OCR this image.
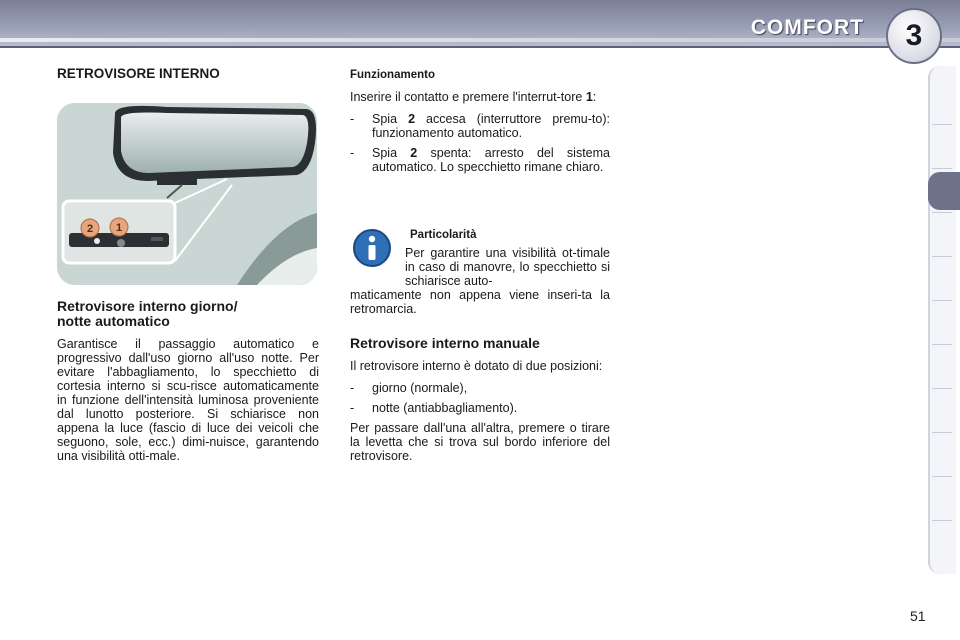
COMFORT	3
RETROVISORE INTERNO
2 1
Retrovisore interno giorno/
notte automatico

Garantisce il passaggio automatico e progressivo dall'uso giorno all'uso notte. Per evitare l'abbagliamento, lo specchietto di cortesia interno si scu-risce automaticamente in funzione dell'intensità luminosa proveniente dal lunotto posteriore. Si schiarisce non appena la luce (fascio di luce dei veicoli che seguono, sole, ecc.) dimi-nuisce, garantendo una visibilità otti-male.

Funzionamento

Inserire il contatto e premere l'interrut-tore 1:

-	Spia 2 accesa (interruttore premu-to): funzionamento automatico.
-	Spia 2 spenta: arresto del sistema automatico. Lo specchietto rimane chiaro.
Particolarità
Per garantire una visibilità ot-timale in caso di manovre, lo specchietto si schiarisce auto-
maticamente non appena viene inseri-ta la retromarcia.
Retrovisore interno manuale

Il retrovisore interno è dotato di due posizioni:

-	giorno (normale),
-	notte (antiabbagliamento).

Per passare dall'una all'altra, premere o tirare la levetta che si trova sul bordo inferiore del retrovisore.

51
